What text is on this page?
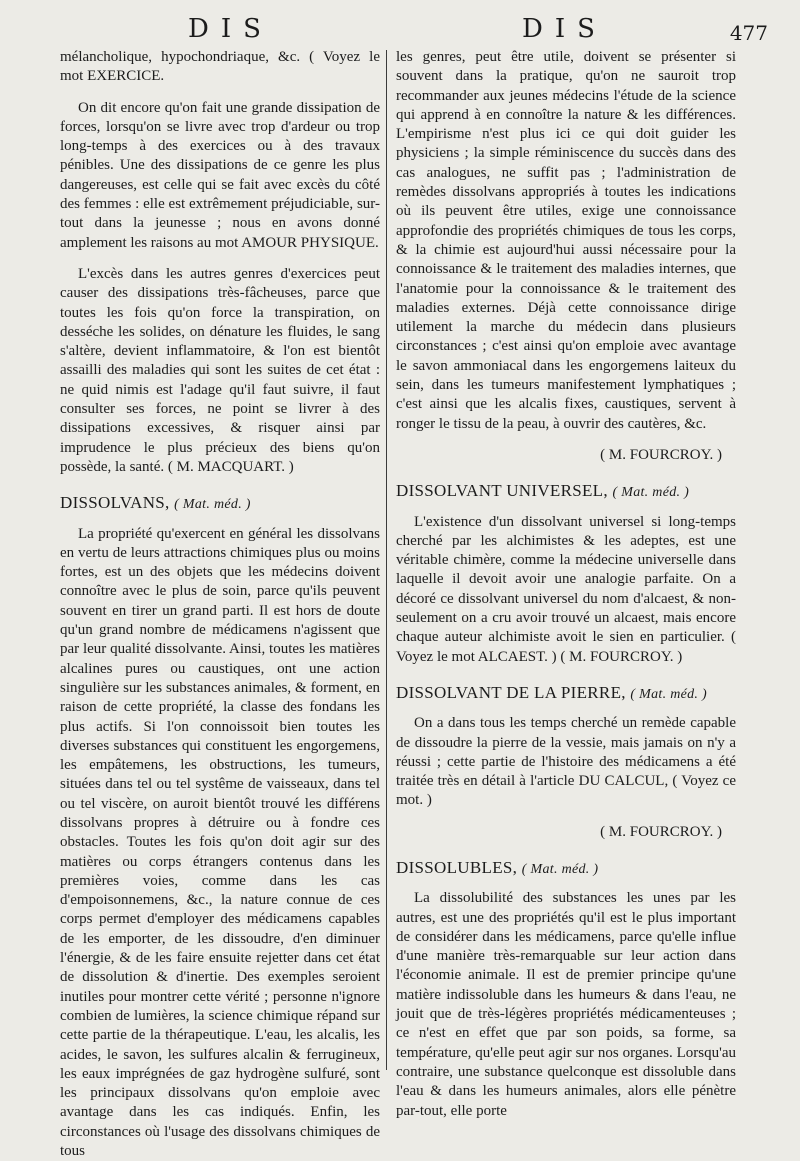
DIS	DIS	477

mélancholique, hypochondriaque, &c. ( Voyez le mot EXERCICE.

On dit encore qu'on fait une grande dissipation de forces, lorsqu'on se livre avec trop d'ardeur ou trop long-temps à des exercices ou à des travaux pénibles. Une des dissipations de ce genre les plus dangereuses, est celle qui se fait avec excès du côté des femmes : elle est extrêmement préjudiciable, sur-tout dans la jeunesse ; nous en avons donné amplement les raisons au mot AMOUR PHYSIQUE.

L'excès dans les autres genres d'exercices peut causer des dissipations très-fâcheuses, parce que toutes les fois qu'on force la transpiration, on desséche les solides, on dénature les fluides, le sang s'altère, devient inflammatoire, & l'on est bientôt assailli des maladies qui sont les suites de cet état : ne quid nimis est l'adage qu'il faut suivre, il faut consulter ses forces, ne point se livrer à des dissipations excessives, & risquer ainsi par imprudence le plus précieux des biens qu'on possède, la santé. ( M. MACQUART. )

DISSOLVANS, ( Mat. méd. )

La propriété qu'exercent en général les dissolvans en vertu de leurs attractions chimiques plus ou moins fortes, est un des objets que les médecins doivent connoître avec le plus de soin, parce qu'ils peuvent souvent en tirer un grand parti. Il est hors de doute qu'un grand nombre de médicamens n'agissent que par leur qualité dissolvante. Ainsi, toutes les matières alcalines pures ou caustiques, ont une action singulière sur les substances animales, & forment, en raison de cette propriété, la classe des fondans les plus actifs. Si l'on connoissoit bien toutes les diverses substances qui constituent les engorgemens, les empâtemens, les obstructions, les tumeurs, situées dans tel ou tel systême de vaisseaux, dans tel ou tel viscère, on auroit bientôt trouvé les différens dissolvans propres à détruire ou à fondre ces obstacles. Toutes les fois qu'on doit agir sur des matières ou corps étrangers contenus dans les premières voies, comme dans les cas d'empoisonnemens, &c., la nature connue de ces corps permet d'employer des médicamens capables de les emporter, de les dissoudre, d'en diminuer l'énergie, & de les faire ensuite rejetter dans cet état de dissolution & d'inertie. Des exemples seroient inutiles pour montrer cette vérité ; personne n'ignore combien de lumières, la science chimique répand sur cette partie de la thérapeutique. L'eau, les alcalis, les acides, le savon, les sulfures alcalin & ferrugineux, les eaux imprégnées de gaz hydrogène sulfuré, sont les principaux dissolvans qu'on emploie avec avantage dans les cas indiqués. Enfin, les circonstances où l'usage des dissolvans chimiques de tous

les genres, peut être utile, doivent se présenter si souvent dans la pratique, qu'on ne sauroit trop recommander aux jeunes médecins l'étude de la science qui apprend à en connoître la nature & les différences. L'empirisme n'est plus ici ce qui doit guider les physiciens ; la simple réminiscence du succès dans des cas analogues, ne suffit pas ; l'administration de remèdes dissolvans appropriés à toutes les indications où ils peuvent être utiles, exige une connoissance approfondie des propriétés chimiques de tous les corps, & la chimie est aujourd'hui aussi nécessaire pour la connoissance & le traitement des maladies internes, que l'anatomie pour la connoissance & le traitement des maladies externes. Déjà cette connoissance dirige utilement la marche du médecin dans plusieurs circonstances ; c'est ainsi qu'on emploie avec avantage le savon ammoniacal dans les engorgemens laiteux du sein, dans les tumeurs manifestement lymphatiques ; c'est ainsi que les alcalis fixes, caustiques, servent à ronger le tissu de la peau, à ouvrir des cautères, &c.

( M. FOURCROY. )

DISSOLVANT UNIVERSEL, ( Mat. méd. )

L'existence d'un dissolvant universel si long-temps cherché par les alchimistes & les adeptes, est une véritable chimère, comme la médecine universelle dans laquelle il devoit avoir une analogie parfaite. On a décoré ce dissolvant universel du nom d'alcaest, & non-seulement on a cru avoir trouvé un alcaest, mais encore chaque auteur alchimiste avoit le sien en particulier. ( Voyez le mot ALCAEST. ) ( M. FOURCROY. )

DISSOLVANT DE LA PIERRE, ( Mat. méd. )

On a dans tous les temps cherché un remède capable de dissoudre la pierre de la vessie, mais jamais on n'y a réussi ; cette partie de l'histoire des médicamens a été traitée très en détail à l'article DU CALCUL, ( Voyez ce mot. )

( M. FOURCROY. )

DISSOLUBLES, ( Mat. méd. )

La dissolubilité des substances les unes par les autres, est une des propriétés qu'il est le plus important de considérer dans les médicamens, parce qu'elle influe d'une manière très-remarquable sur leur action dans l'économie animale. Il est de premier principe qu'une matière indissoluble dans les humeurs & dans l'eau, ne jouit que de très-légères propriétés médicamenteuses ; ce n'est en effet que par son poids, sa forme, sa température, qu'elle peut agir sur nos organes. Lorsqu'au contraire, une substance quelconque est dissoluble dans l'eau & dans les humeurs animales, alors elle pénètre par-tout, elle porte
